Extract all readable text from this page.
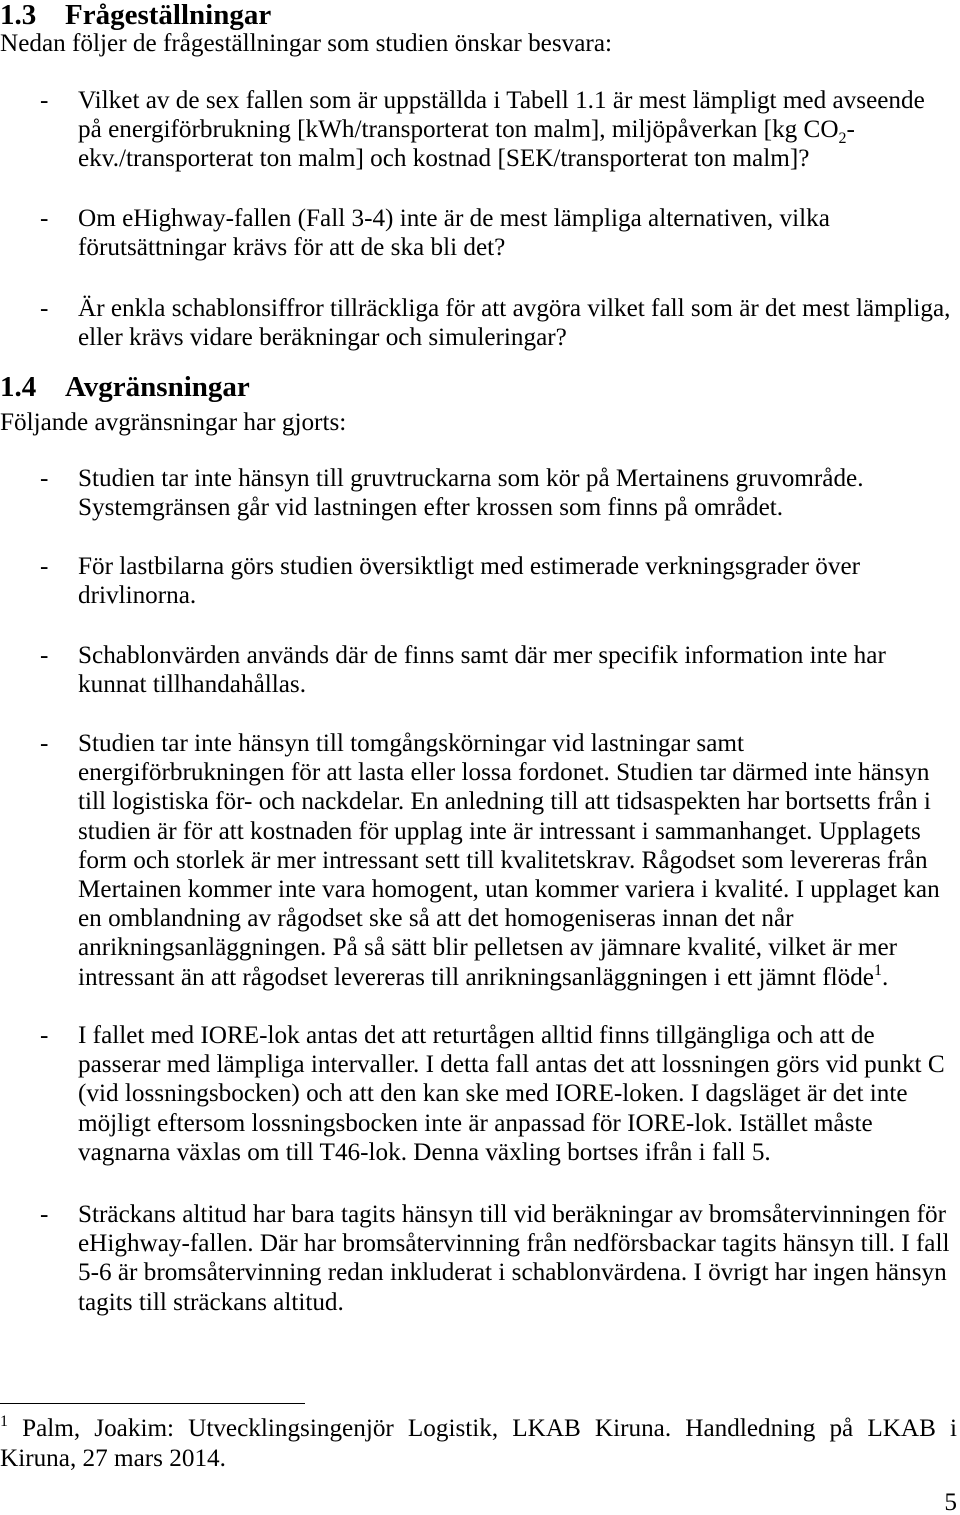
1.3 Frågeställningar
Nedan följer de frågeställningar som studien önskar besvara:
- Vilket av de sex fallen som är uppställda i Tabell 1.1 är mest lämpligt med avseende
på energiförbrukning [kWh/transporterat ton malm], miljöpåverkan [kg $CO_2-$
ekv./transporterat ton malm] och kostnad [SEK/transporterat ton malm]?
- Om eHighway-fallen (Fall 3-4) inte är de mest lämpliga alternativen, vilka
förutsättningar krävs för att de ska bli det?
- Är enkla schablonsiffror tillräckliga för att avgöra vilket fall som är det mest lämpliga,
eller krävs vidare beräkningar och simuleringar?
1.4 Avgränsningar
Följande avgränsningar har gjorts:
- Studien tar inte hänsyn till gruvtruckarna som kör på Mertainens gruvområde.
Systemgränsen går vid lastningen efter krossen som finns på området.
- För lastbilarna görs studien översiktligt med estimerade verkningsgrader över
drivlinorna.
- Schablonvärden används där de finns samt där mer specifik information inte har
kunnat tillhandahållas.
- Studien tar inte hänsyn till tomgångskörningar vid lastningar samt
energiförbrukningen för att lasta eller lossa fordonet. Studien tar därmed inte hänsyn
till logistiska för- och nackdelar. En anledning till att tidsaspekten har bortsetts från i
studien är för att kostnaden för upplag inte är intressant i sammanhanget. Upplagets
form och storlek är mer intressant sett till kvalitetskrav. Rågodset som levereras från
Mertainen kommer inte vara homogent, utan kommer variera i kvalité. I upplaget kan
en omblandning av rågodset ske så att det homogeniseras innan det når
anrikningsanläggningen. På så sätt blir pelletsen av jämnare kvalité, vilket är mer
intressant än att rågodset levereras till anrikningsanläggningen i ett jämnt flöde$^1$.
- I fallet med IORE-lok antas det att returtågen alltid finns tillgängliga och att de
passerar med lämpliga intervaller. I detta fall antas det att lossningen görs vid punkt C
(vid lossningsbocken) och att den kan ske med IORE-loken. I dagsläget är det inte
möjligt eftersom lossningsbocken inte är anpassad för IORE-lok. Istället måste
vagnarna växlas om till T46-lok. Denna växling bortses ifrån i fall 5.
- Sträckans altitud har bara tagits hänsyn till vid beräkningar av bromsåtervinningen för
eHighway-fallen. Där har bromsåtervinning från nedförsbackar tagits hänsyn till. I fall
5-6 är bromsåtervinning redan inkluderat i schablonvärdena. I övrigt har ingen hänsyn
tagits till sträckans altitud.
$^1$ Palm, Joakim: Utvecklingsingenjör Logistik, LKAB Kiruna. Handledning på LKAB i
Kiruna, 27 mars 2014.
5
